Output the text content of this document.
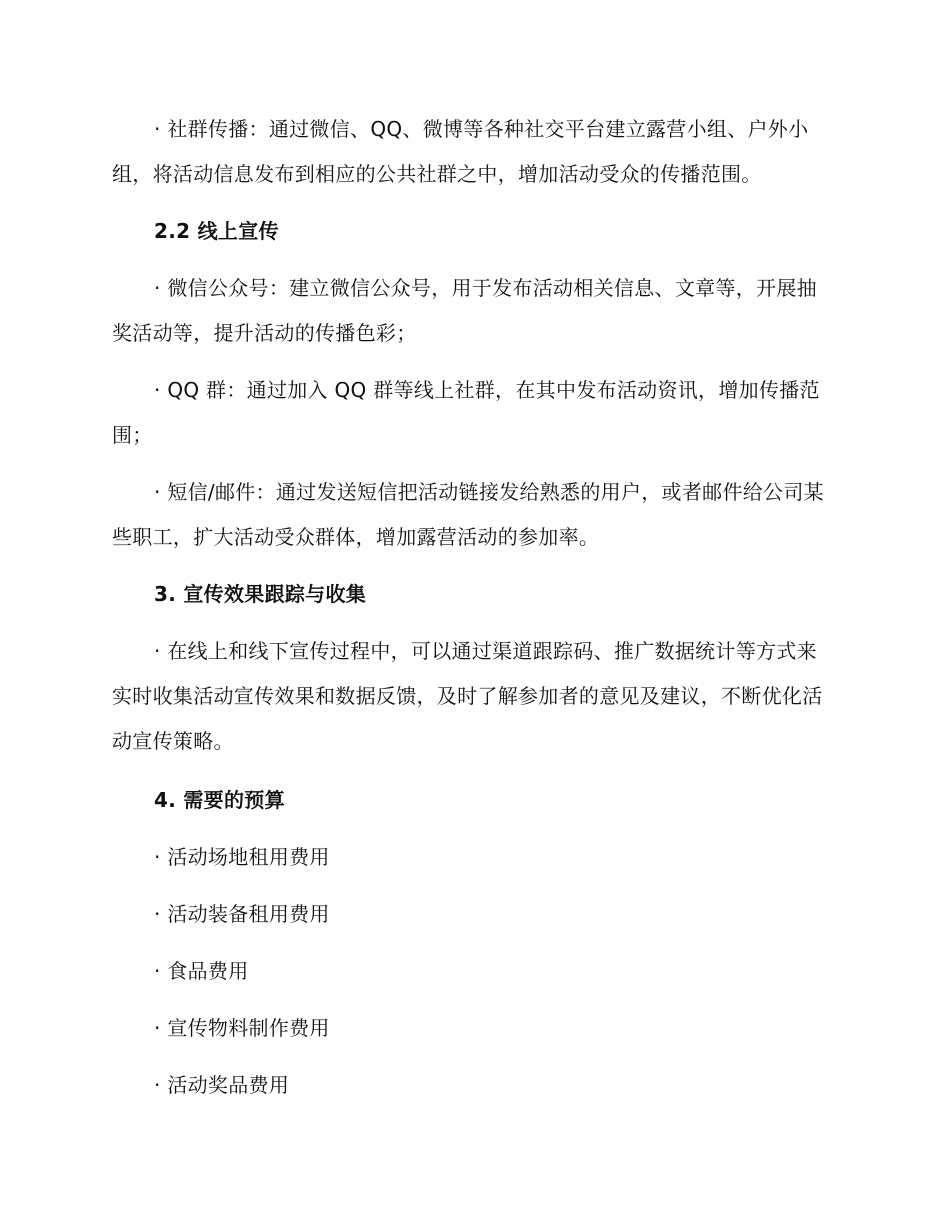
· 社群传播：通过微信、QQ、微博等各种社交平台建立露营小组、户外小组，将活动信息发布到相应的公共社群之中，增加活动受众的传播范围。

2.2 线上宣传

· 微信公众号：建立微信公众号，用于发布活动相关信息、文章等，开展抽奖活动等，提升活动的传播色彩；

· QQ 群：通过加入 QQ 群等线上社群，在其中发布活动资讯，增加传播范围；

· 短信/邮件：通过发送短信把活动链接发给熟悉的用户，或者邮件给公司某些职工，扩大活动受众群体，增加露营活动的参加率。

3. 宣传效果跟踪与收集

· 在线上和线下宣传过程中，可以通过渠道跟踪码、推广数据统计等方式来实时收集活动宣传效果和数据反馈，及时了解参加者的意见及建议，不断优化活动宣传策略。

4. 需要的预算

· 活动场地租用费用

· 活动装备租用费用

· 食品费用

· 宣传物料制作费用

· 活动奖品费用
